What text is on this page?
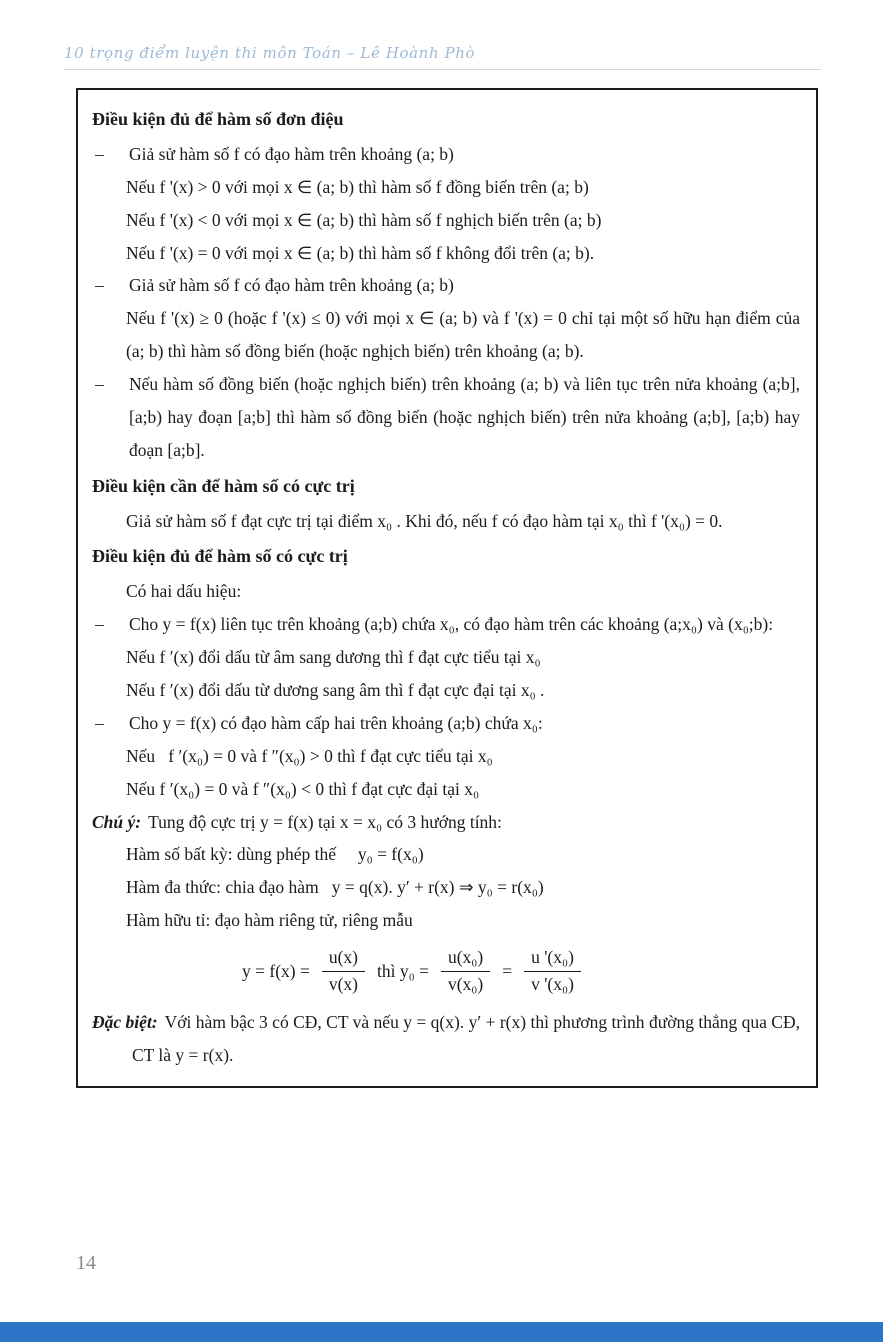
10 trọng điểm luyện thi môn Toán – Lê Hoành Phò
Điều kiện đủ để hàm số đơn điệu
–	Giả sử hàm số f có đạo hàm trên khoảng (a; b)
Nếu f '(x) > 0 với mọi x ∈ (a; b) thì hàm số f đồng biến trên (a; b)
Nếu f '(x) < 0 với mọi x ∈ (a; b) thì hàm số f nghịch biến trên (a; b)
Nếu f '(x) = 0 với mọi x ∈ (a; b) thì hàm số f không đổi trên (a; b).
–	Giả sử hàm số f có đạo hàm trên khoảng (a; b)
Nếu f '(x) ≥ 0 (hoặc f '(x) ≤ 0) với mọi x ∈ (a; b) và f '(x) = 0 chỉ tại một số hữu hạn điểm của (a; b) thì hàm số đồng biến (hoặc nghịch biến) trên khoảng (a; b).
–	Nếu hàm số đồng biến (hoặc nghịch biến) trên khoảng (a; b) và liên tục trên nửa khoảng (a;b], [a;b) hay đoạn [a;b] thì hàm số đồng biến (hoặc nghịch biến) trên nửa khoảng (a;b], [a;b) hay đoạn [a;b].
Điều kiện cần để hàm số có cực trị
Giả sử hàm số f đạt cực trị tại điểm x₀ . Khi đó, nếu f có đạo hàm tại x₀ thì f '(x₀) = 0.
Điều kiện đủ để hàm số có cực trị
Có hai dấu hiệu:
–	Cho y = f(x) liên tục trên khoảng (a;b) chứa x₀, có đạo hàm trên các khoảng (a;x₀) và (x₀;b):
Nếu f ′(x) đổi dấu từ âm sang dương thì f đạt cực tiểu tại x₀
Nếu f ′(x) đổi dấu từ dương sang âm thì f đạt cực đại tại x₀ .
–	Cho y = f(x) có đạo hàm cấp hai trên khoảng (a;b) chứa x₀:
Nếu  f ′(x₀) = 0 và f ″(x₀) > 0 thì f đạt cực tiểu tại x₀
Nếu f ′(x₀) = 0 và f ″(x₀) < 0 thì f đạt cực đại tại x₀
Chú ý: Tung độ cực trị y = f(x) tại x = x₀ có 3 hướng tính:
Hàm số bất kỳ: dùng phép thế  y₀ = f(x₀)
Hàm đa thức: chia đạo hàm  y = q(x). y′ + r(x) ⇒ y₀ = r(x₀)
Hàm hữu tỉ: đạo hàm riêng tử, riêng mẫu
$y = f(x) = \frac{u(x)}{v(x)}$ thì $y_0 = \frac{\text{u(x₀)}}{\text{v(x₀)}} = \frac{\text{u '(x₀)}}{\text{v '(x₀)}}$
Đặc biệt: Với hàm bậc 3 có CĐ, CT và nếu y = q(x). y′ + r(x) thì phương trình đường thẳng qua CĐ, CT là y = r(x).
14
